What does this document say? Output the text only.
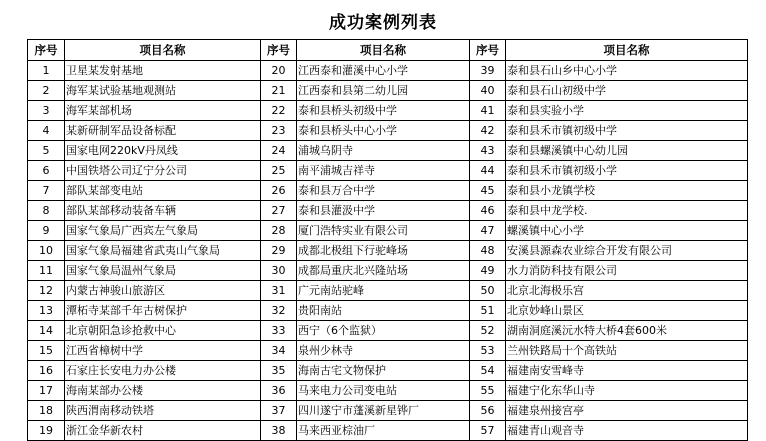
成功案例列表
序号	项目名称	序号	项目名称	序号	项目名称
1	卫星某发射基地	20	江西泰和灌溪中心小学	39	泰和县石山乡中心小学
2	海军某试验基地观测站	21	江西泰和县第二幼儿园	40	泰和县石山初级中学
3	海军某部机场	22	泰和县桥头初级中学	41	泰和县实验小学
4	某新研制军品设备标配	23	泰和县桥头中心小学	42	泰和县禾市镇初级中学
5	国家电网220kV丹凤线	24	浦城乌阴寺	43	泰和县螺溪镇中心幼儿园
6	中国铁塔公司辽宁分公司	25	南平浦城吉祥寺	44	泰和县禾市镇初级小学
7	部队某部变电站	26	泰和县万合中学	45	泰和县小龙镇学校
8	部队某部移动装备车辆	27	泰和县灌汲中学	46	泰和县中龙学校.
9	国家气象局广西宾左气象局	28	厦门浩特实业有限公司	47	螺溪镇中心小学
10	国家气象局福建省武夷山气象局	29	成都北极组下行驼峰场	48	安溪县源森农业综合开发有限公司
11	国家气象局温州气象局	30	成都局重庆北兴隆站场	49	水力消防科技有限公司
12	内蒙古神骏山旅游区	31	广元南站驼峰	50	北京北海极乐宫
13	潭柘寺某部千年古树保护	32	贵阳南站	51	北京妙峰山景区
14	北京朝阳急诊抢救中心	33	西宁（6个监狱）	52	湖南洞庭溪沅水特大桥4套600米
15	江西省樟树中学	34	泉州少林寺	53	兰州铁路局十个高铁站
16	石家庄长安电力办公楼	35	海南古宅文物保护	54	福建南安雪峰寺
17	海南某部办公楼	36	马来电力公司变电站	55	福建宁化东华山寺
18	陕西渭南移动铁塔	37	四川遂宁市蓬溪新星铧厂	56	福建泉州接宫亭
19	浙江金华新农村	38	马来西亚棕油厂	57	福建青山观音寺
